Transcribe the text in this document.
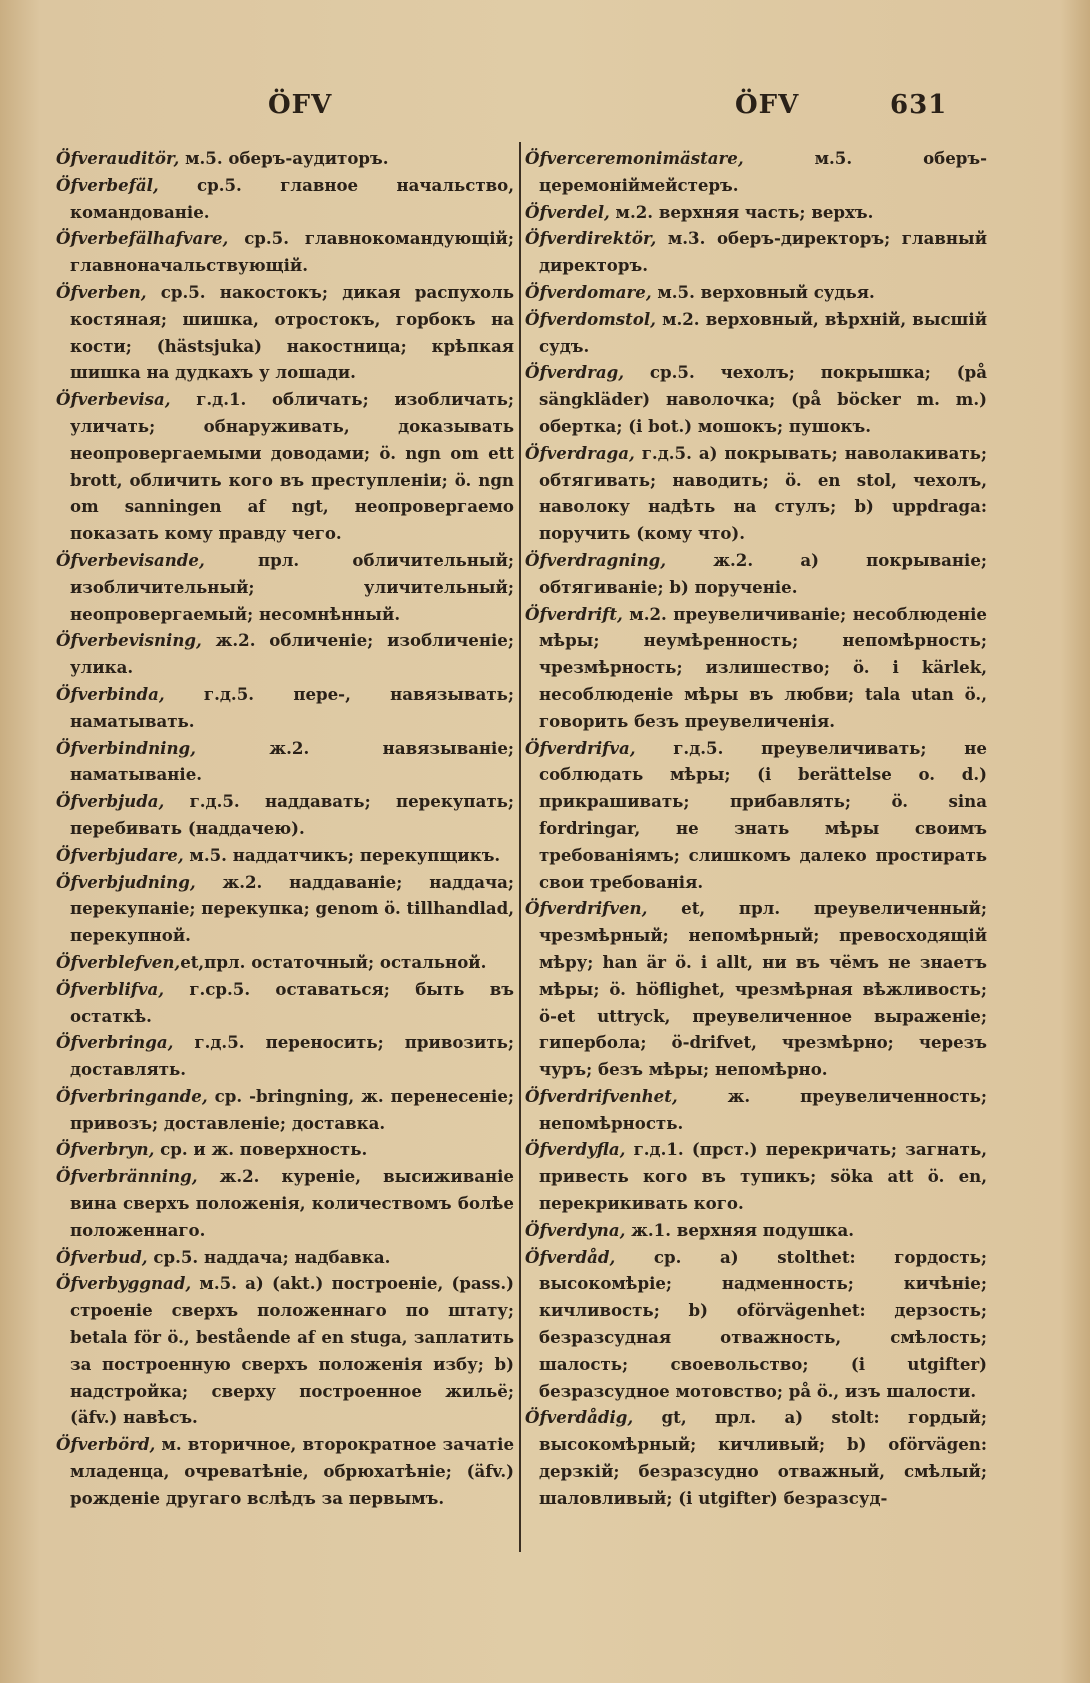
ÖFV	ÖFV	631

Öfverauditör, м.5. оберъ-аудиторъ.

Öfverbefäl, ср.5. главное начальство, командованіе.

Öfverbefälhafvare, ср.5. главнокомандующій; главноначальствующій.

Öfverben, ср.5. накостокъ; дикая распухоль костяная; шишка, отростокъ, горбокъ на кости; (hästsjuka) накостница; крѣпкая шишка на дудкахъ у лошади.

Öfverbevisa, г.д.1. обличать; изобличать; уличать; обнаруживать, доказывать неопровергаемыми доводами; ö. ngn om ett brott, обличить кого въ преступленіи; ö. ngn om sanningen af ngt, неопровергаемо показать кому правду чего.

Öfverbevisande, прл. обличительный; изобличительный; уличительный; неопровергаемый; несомнѣнный.

Öfverbevisning, ж.2. обличеніе; изобличеніе; улика.

Öfverbinda, г.д.5. пере-, навязывать; наматывать.

Öfverbindning, ж.2. навязываніе; наматываніе.

Öfverbjuda, г.д.5. наддавать; перекупать; перебивать (наддачею).

Öfverbjudare, м.5. наддатчикъ; перекупщикъ.

Öfverbjudning, ж.2. наддаваніе; наддача; перекупаніе; перекупка; genom ö. tillhandlad, перекупной.

Öfverblefven,et,прл. остаточный; остальной.

Öfverblifva, г.ср.5. оставаться; быть въ остаткѣ.

Öfverbringa, г.д.5. переносить; привозить; доставлять.

Öfverbringande, ср. -bringning, ж. перенесеніе; привозъ; доставленіе; доставка.

Öfverbryn, ср. и ж. поверхность.

Öfverbränning, ж.2. куреніе, высиживаніе вина сверхъ положенія, количествомъ болѣе положеннаго.

Öfverbud, ср.5. наддача; надбавка.

Öfverbyggnad, м.5. a) (akt.) построеніе, (pass.) строеніе сверхъ положеннаго по штату; betala för ö., bestående af en stuga, заплатить за построенную сверхъ положенія избу; b) надстройка; сверху построенное жильё; (äfv.) навѣсъ.

Öfverbörd, м. вторичное, вторократное зачатіе младенца, очреватѣніе, обрюхатѣніе; (äfv.) рожденіе другаго вслѣдъ за первымъ.

Öfverceremonimästare, м.5. оберъ-церемоніймейстеръ.

Öfverdel, м.2. верхняя часть; верхъ.

Öfverdirektör, м.3. оберъ-директоръ; главный директоръ.

Öfverdomare, м.5. верховный судья.

Öfverdomstol, м.2. верховный, вѣрхній, высшій судъ.

Öfverdrag, ср.5. чехолъ; покрышка; (på sängkläder) наволочка; (på böcker m. m.) обертка; (i bot.) мошокъ; пушокъ.

Öfverdraga, г.д.5. a) покрывать; наволакивать; обтягивать; наводить; ö. en stol, чехолъ, наволоку надѣть на стулъ; b) uppdraga: поручить (кому что).

Öfverdragning, ж.2. a) покрываніе; обтягиваніе; b) порученіе.

Öfverdrift, м.2. преувеличиваніе; несоблюденіе мѣры; неумѣренность; непомѣрность; чрезмѣрность; излишество; ö. i kärlek, несоблюденіе мѣры въ любви; tala utan ö., говорить безъ преувеличенія.

Öfverdrifva, г.д.5. преувеличивать; не соблюдать мѣры; (i berättelse o. d.) прикрашивать; прибавлять; ö. sina fordringar, не знать мѣры своимъ требованіямъ; слишкомъ далеко простирать свои требованія.

Öfverdrifven, et, прл. преувеличенный; чрезмѣрный; непомѣрный; превосходящій мѣру; han är ö. i allt, ни въ чёмъ не знаетъ мѣры; ö. höflighet, чрезмѣрная вѣжливость; ö-et uttryck, преувеличенное выраженіе; гипербола; ö-drifvet, чрезмѣрно; черезъ чуръ; безъ мѣры; непомѣрно.

Öfverdrifvenhet, ж. преувеличенность; непомѣрность.

Öfverdyfla, г.д.1. (прст.) перекричать; загнать, привесть кого въ тупикъ; söka att ö. en, перекрикивать кого.

Öfverdyna, ж.1. верхняя подушка.

Öfverdåd, ср. a) stolthet: гордость; высокомѣріе; надменность; кичѣніе; кичливость; b) oförvägenhet: дерзость; безразсудная отважность, смѣлость; шалость; своевольство; (i utgifter) безразсудное мотовство; på ö., изъ шалости.

Öfverdådig, gt, прл. a) stolt: гордый; высокомѣрный; кичливый; b) oförvägen: дерзкій; безразсудно отважный, смѣлый; шаловливый; (i utgifter) безразсуд-
